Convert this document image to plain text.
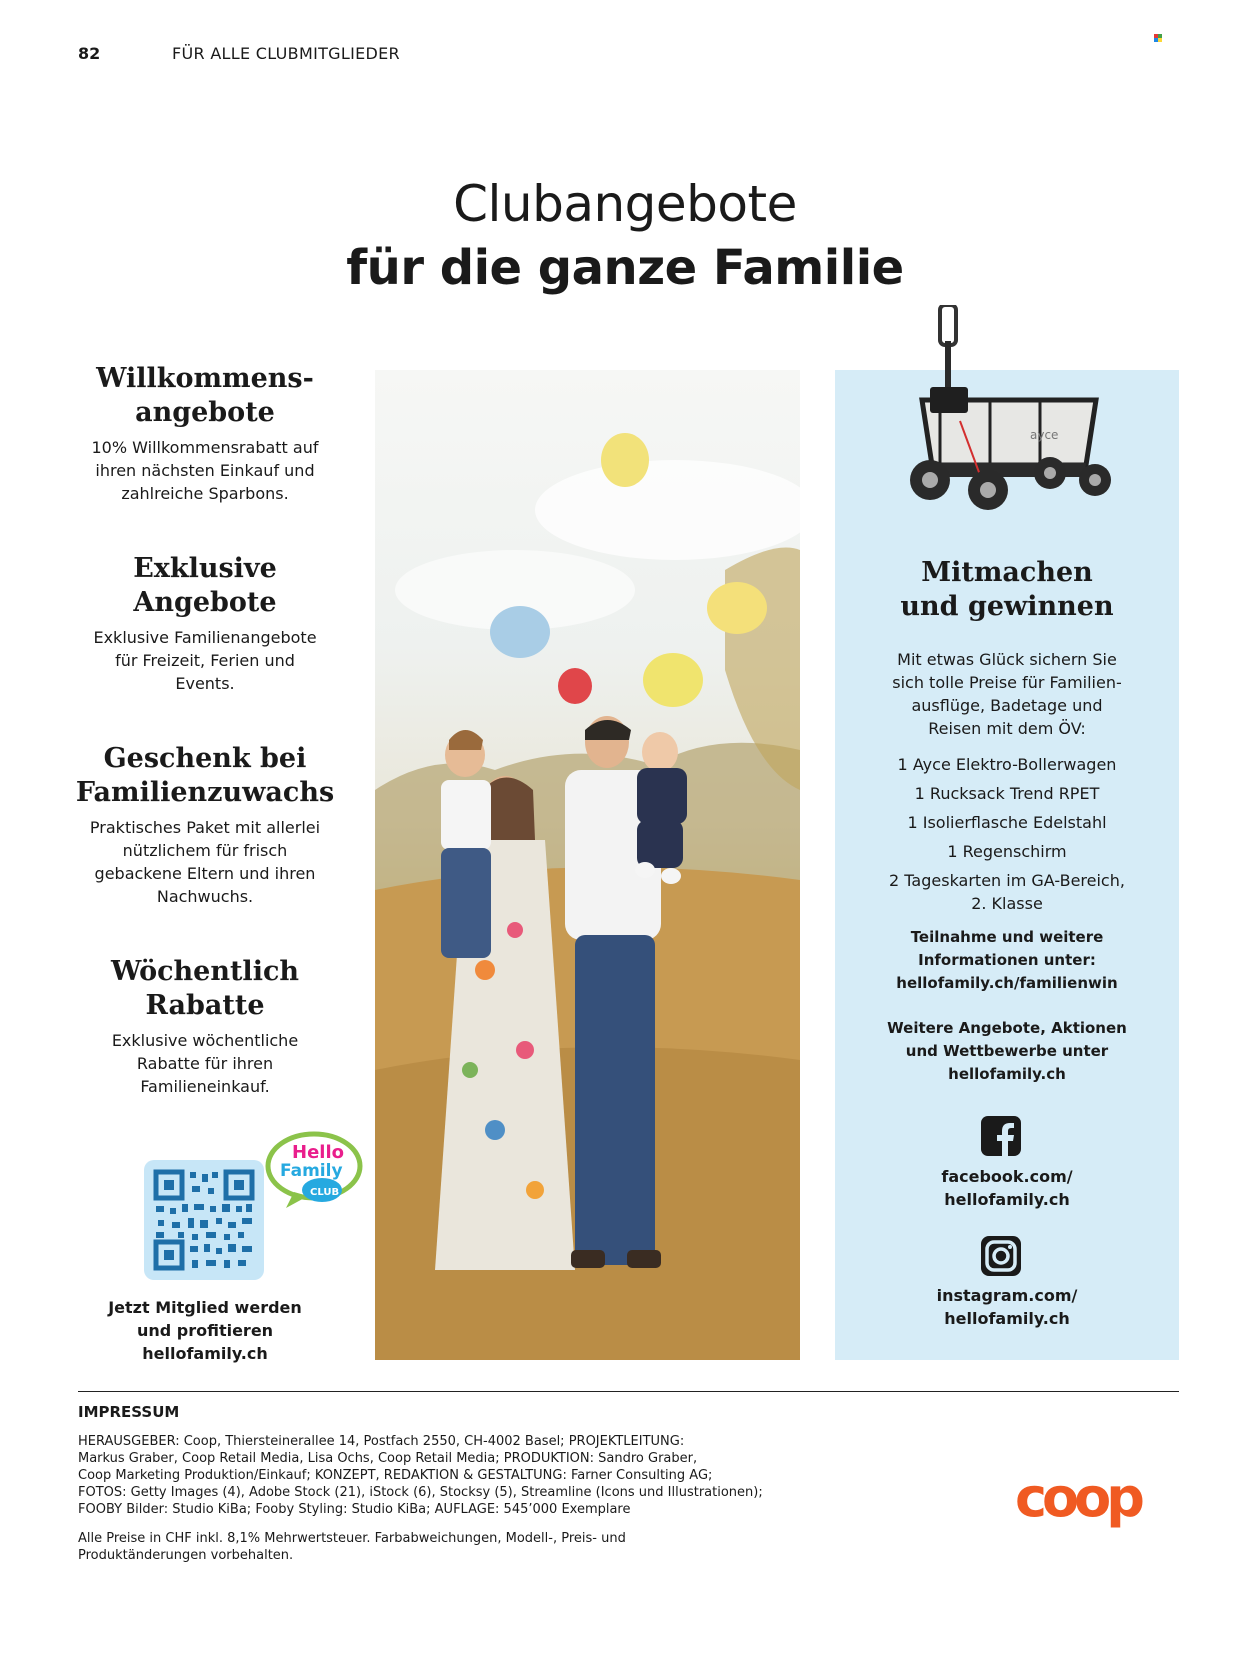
82	FÜR ALLE CLUBMITGLIEDER
Clubangebote
für die ganze Familie
Willkommens-
angebote

10% Willkommensrabatt auf
ihren nächsten Einkauf und
zahlreiche Sparbons.

Exklusive
Angebote

Exklusive Familienangebote
für Freizeit, Ferien und
Events.

Geschenk bei
Familienzuwachs

Praktisches Paket mit allerlei
nützlichem für frisch
gebackene Eltern und ihren
Nachwuchs.

Wöchentlich
Rabatte

Exklusive wöchentliche
Rabatte für ihren
Familieneinkauf.

Hello
Family
CLUB
Jetzt Mitglied werden
und profitieren
hellofamily.ch
ayce
Mitmachen
und gewinnen

Mit etwas Glück sichern Sie
sich tolle Preise für Familien-
ausflüge, Badetage und
Reisen mit dem ÖV:

1 Ayce Elektro-Bollerwagen
1 Rucksack Trend RPET
1 Isolierflasche Edelstahl
1 Regenschirm
2 Tageskarten im GA-Bereich,
2. Klasse
Teilnahme und weitere
Informationen unter:
hellofamily.ch/familienwin
Weitere Angebote, Aktionen
und Wettbewerbe unter
hellofamily.ch
facebook.com/
hellofamily.ch
instagram.com/
hellofamily.ch
IMPRESSUM
HERAUSGEBER: Coop, Thiersteinerallee 14, Postfach 2550, CH-4002 Basel; PROJEKTLEITUNG:
Markus Graber, Coop Retail Media, Lisa Ochs, Coop Retail Media; PRODUKTION: Sandro Graber,
Coop Marketing Produktion/Einkauf; KONZEPT, REDAKTION & GESTALTUNG: Farner Consulting AG;
FOTOS: Getty Images (4), Adobe Stock (21), iStock (6), Stocksy (5), Streamline (Icons und Illustrationen);
FOOBY Bilder: Studio KiBa; Fooby Styling: Studio KiBa; AUFLAGE: 545’000 Exemplare
Alle Preise in CHF inkl. 8,1% Mehrwertsteuer. Farbabweichungen, Modell-, Preis- und
Produktänderungen vorbehalten.
coop
